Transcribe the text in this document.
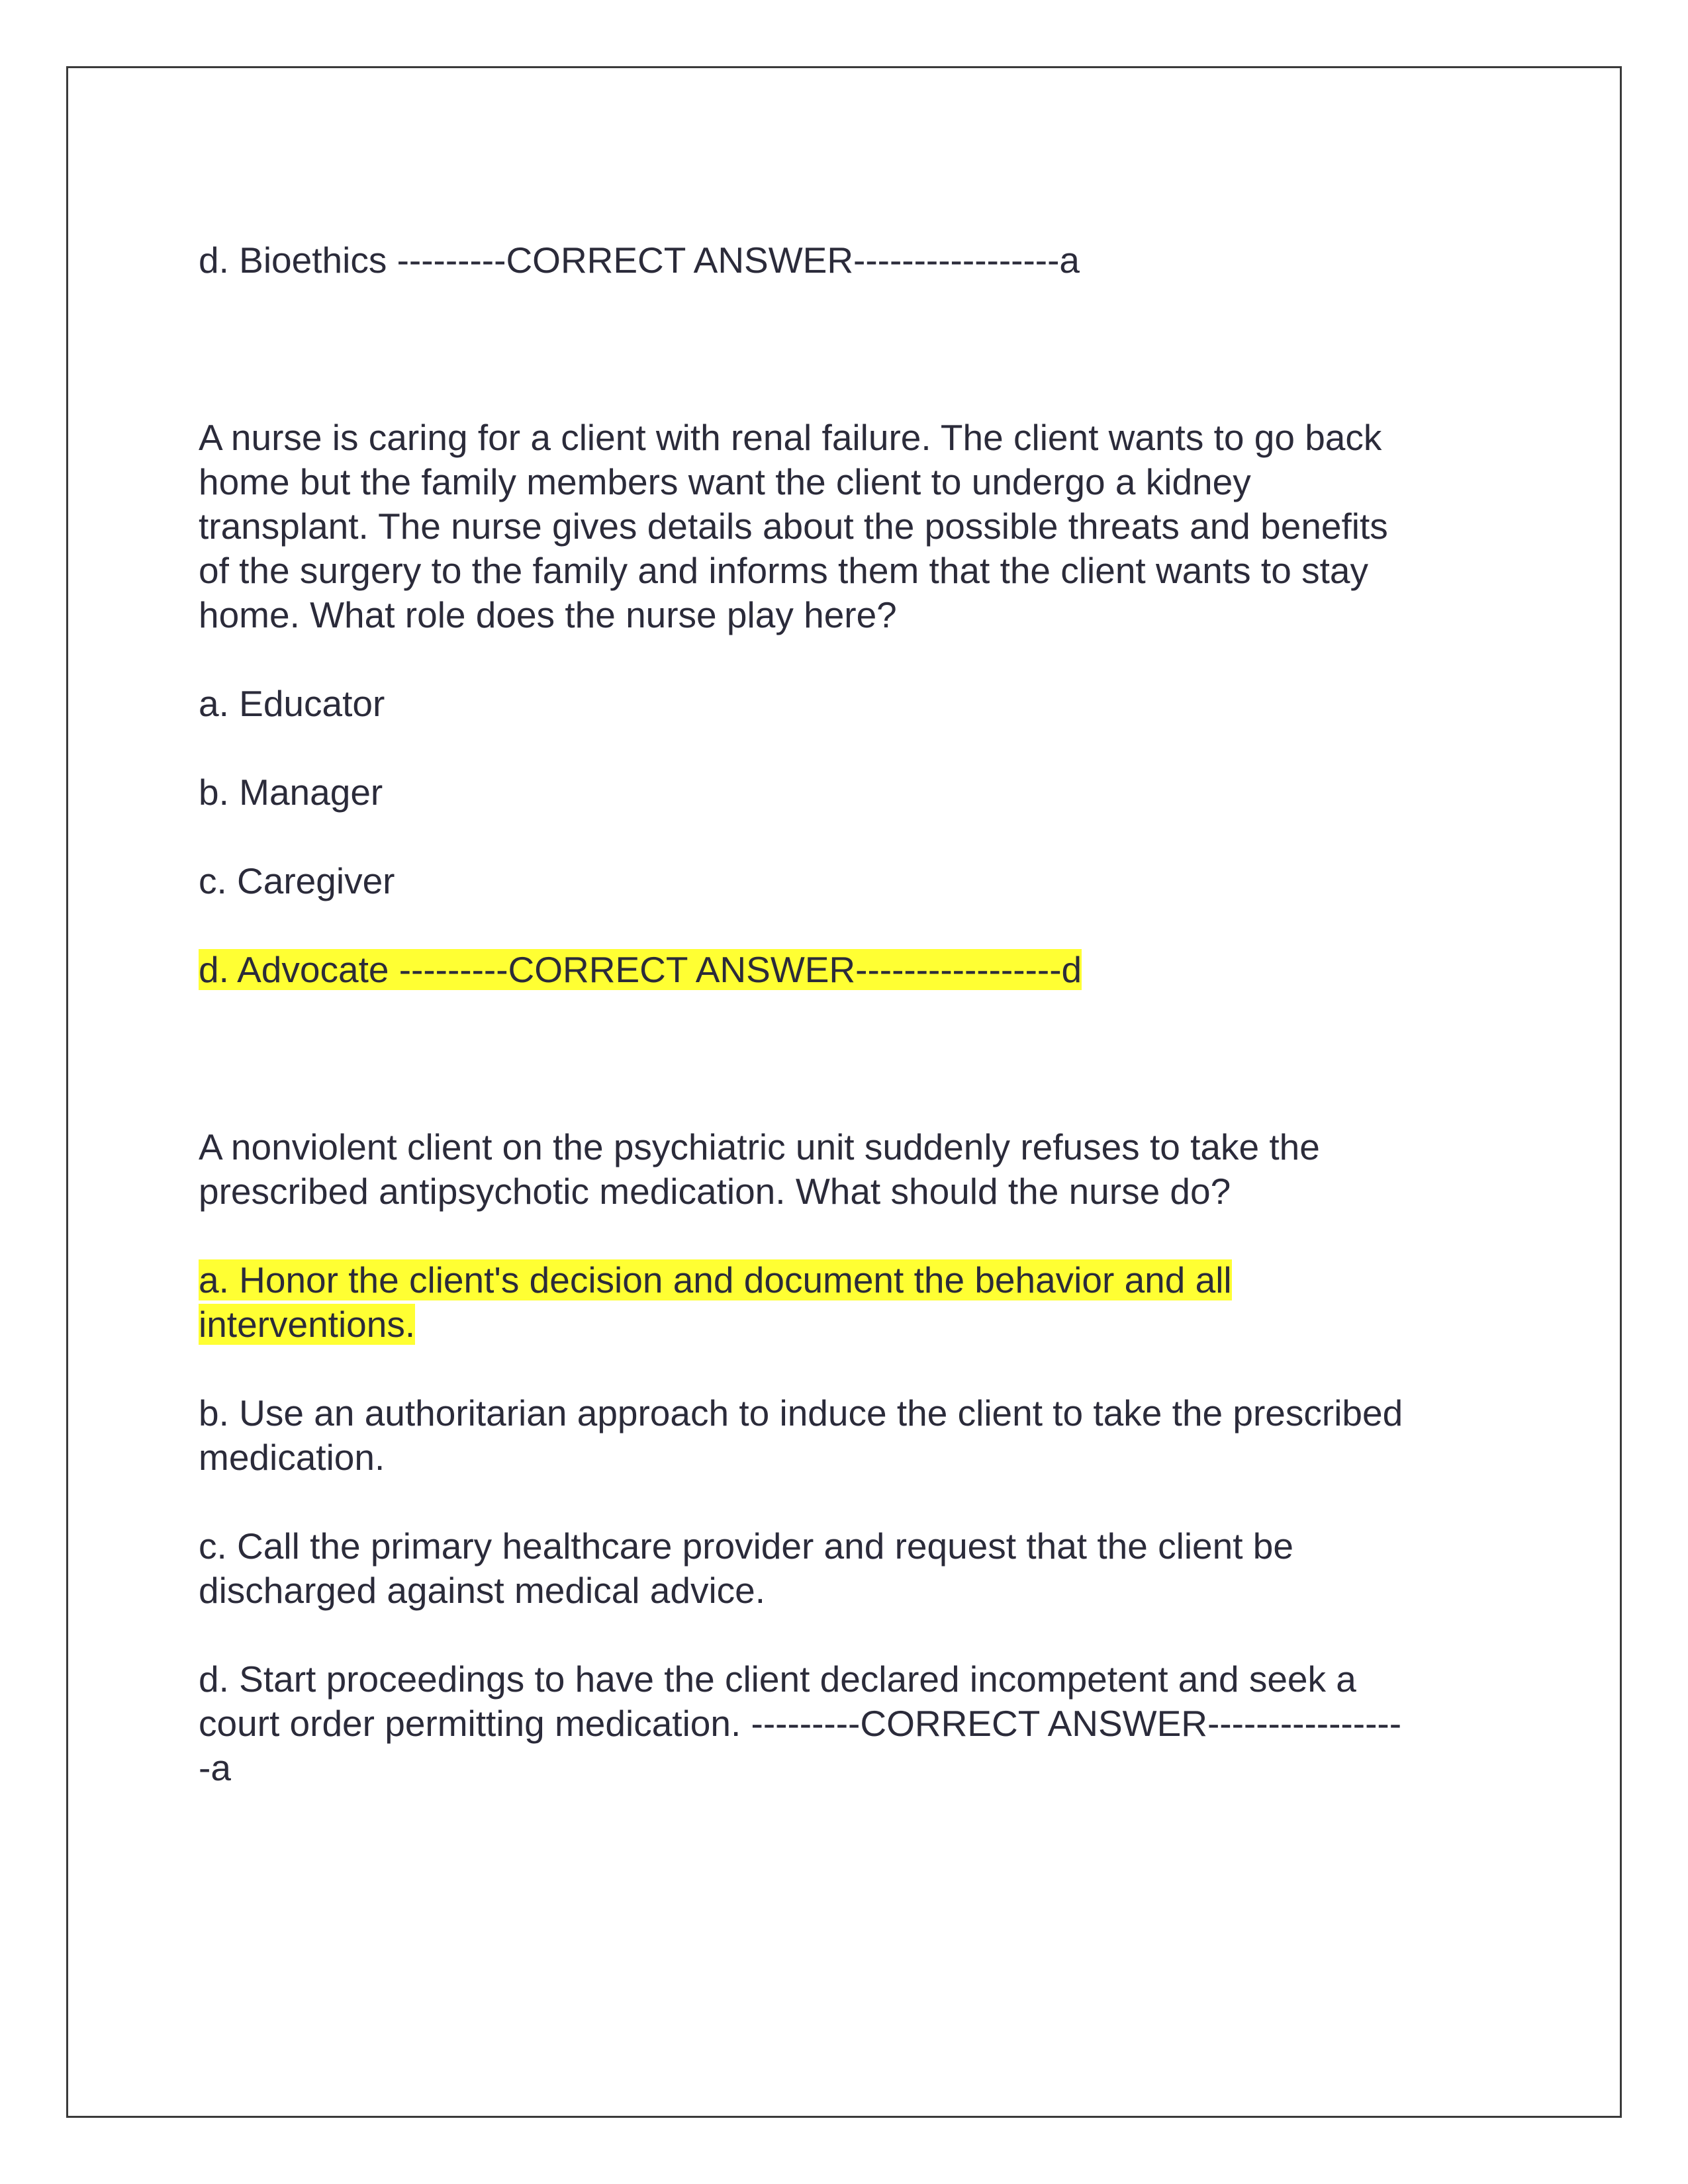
d. Bioethics ---------CORRECT ANSWER-----------------a
A nurse is caring for a client with renal failure. The client wants to go back
home but the family members want the client to undergo a kidney
transplant. The nurse gives details about the possible threats and benefits
of the surgery to the family and informs them that the client wants to stay
home. What role does the nurse play here?
a. Educator
b. Manager
c. Caregiver
d. Advocate ---------CORRECT ANSWER-----------------d
A nonviolent client on the psychiatric unit suddenly refuses to take the
prescribed antipsychotic medication. What should the nurse do?
a. Honor the client's decision and document the behavior and all
interventions.
b. Use an authoritarian approach to induce the client to take the prescribed
medication.
c. Call the primary healthcare provider and request that the client be
discharged against medical advice.
d. Start proceedings to have the client declared incompetent and seek a
court order permitting medication. ---------CORRECT ANSWER----------------
-a
